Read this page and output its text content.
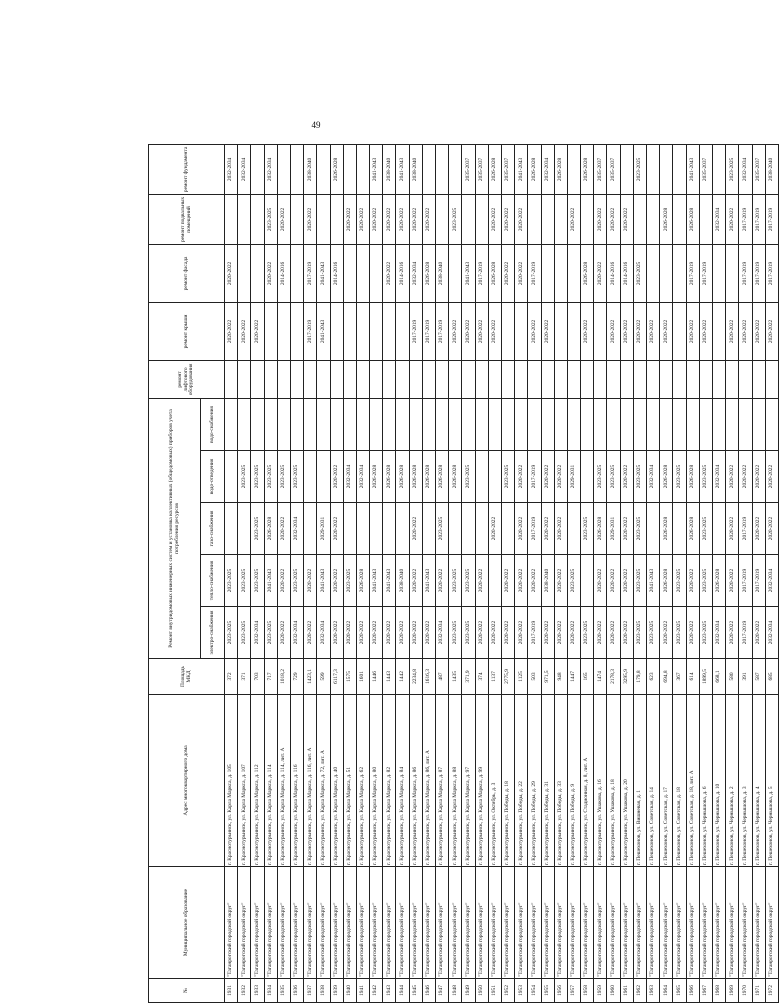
49
№	Муниципальное образование	Адрес многоквартирного дома	Площадь МКД	Ремонт внутридомовых инженерных систем и установка коллективных (общедомовых) приборов учета потребления ресурсов					ремонт лифтового оборудования	ремонт крыши	ремонт фасада	ремонт подвальных помещений	ремонт фундамента
				электро-снабжения	тепло-снабжения	газо-снабжения	водо-отведения	водо-снабжения					
1931	"Таганрогский городской округ"	г. Краснотурьинск, ул. Карла Маркса, д. 105	372	2023-2025	2023-2025					2020-2022	2020-2022		2032-2034
1932	"Таганрогский городской округ"	г. Краснотурьинск, ул. Карла Маркса, д. 107	371	2023-2025	2023-2025		2023-2025			2020-2022			2032-2034
1933	"Таганрогский городской округ"	г. Краснотурьинск, ул. Карла Маркса, д. 112	703	2032-2034	2023-2025	2023-2025	2023-2025			2020-2022			
1934	"Таганрогский городской округ"	г. Краснотурьинск, ул. Карла Маркса, д. 114	717	2023-2025	2041-2043	2026-2028	2023-2025				2020-2022	2023-2025	2032-2034
1935	"Таганрогский городской округ"	г. Краснотурьинск, ул. Карла Маркса, д. 114, лит. А	1018,2	2020-2022	2020-2022	2020-2022	2023-2025				2014-2016	2020-2022	
1936	"Таганрогский городской округ"	г. Краснотурьинск, ул. Карла Маркса, д. 116	729	2032-2034	2023-2025	2032-2034	2023-2025						
1937	"Таганрогский городской округ"	г. Краснотурьинск, ул. Карла Маркса, д. 116, лит. А	1423,1	2020-2022	2020-2022					2017-2019	2017-2019	2020-2022	2038-2040
1938	"Таганрогский городской округ"	г. Краснотурьинск, ул. Карла Маркса, д. 72, лит. А	599	2032-2034	2041-2043	2029-2031				2041-2043	2041-2043		
1939	"Таганрогский городской округ"	г. Краснотурьинск, ул. Карла Маркса, д. 40	6117,3	2020-2022	2020-2022	2020-2022	2020-2022				2014-2016		2026-2028
1940	"Таганрогский городской округ"	г. Краснотурьинск, ул. Карла Маркса, д. 51	1575	2020-2022	2023-2025		2032-2034					2020-2022	
1941	"Таганрогский городской округ"	г. Краснотурьинск, ул. Карла Маркса, д. 62	1601	2020-2022	2026-2028		2032-2034					2020-2022	
1942	"Таганрогский городской округ"	г. Краснотурьинск, ул. Карла Маркса, д. 80	1446	2020-2022	2041-2043		2026-2028					2020-2022	2041-2043
1943	"Таганрогский городской округ"	г. Краснотурьинск, ул. Карла Маркса, д. 82	1443	2020-2022	2041-2043		2026-2028				2020-2022	2020-2022	2038-2040
1944	"Таганрогский городской округ"	г. Краснотурьинск, ул. Карла Маркса, д. 84	1442	2020-2022	2038-2040		2026-2028				2014-2016	2020-2022	2041-2043
1945	"Таганрогский городской округ"	г. Краснотурьинск, ул. Карла Маркса, д. 86	2234,8	2020-2022	2020-2022	2020-2022	2026-2028			2017-2019	2032-2034	2020-2022	2038-2040
1946	"Таганрогский городской округ"	г. Краснотурьинск, ул. Карла Маркса, д. 86, лит. А	1616,3	2020-2022	2041-2043		2026-2028			2017-2019	2026-2028	2020-2022	
1947	"Таганрогский городской округ"	г. Краснотурьинск, ул. Карла Маркса, д. 87	487	2032-2034	2020-2022	2023-2025	2026-2028			2017-2019	2038-2040		
1948	"Таганрогский городской округ"	г. Краснотурьинск, ул. Карла Маркса, д. 88	1435	2023-2025	2023-2025		2026-2028			2020-2022		2023-2025	
1949	"Таганрогский городской округ"	г. Краснотурьинск, ул. Карла Маркса, д. 97	371,9	2023-2025	2023-2025		2023-2025			2020-2022	2041-2043		2035-2037
1950	"Таганрогский городской округ"	г. Краснотурьинск, ул. Карла Маркса, д. 99	374	2020-2022	2020-2022					2020-2022	2017-2019		2035-2037
1951	"Таганрогский городской округ"	г. Краснотурьинск, ул. Октябрь, д. 3	1137	2020-2022		2020-2022				2020-2022	2026-2028	2020-2022	2026-2028
1952	"Таганрогский городской округ"	г. Краснотурьинск, ул. Победы, д. 18	2775,9	2020-2022	2020-2022		2023-2025				2020-2022	2020-2022	2035-2037
1953	"Таганрогский городской округ"	г. Краснотурьинск, ул. Победы, д. 22	1125	2020-2022	2020-2022	2020-2022	2020-2022				2020-2022	2020-2022	2041-2043
1954	"Таганрогский городской округ"	г. Краснотурьинск, ул. Победы, д. 29	503	2017-2019	2020-2022	2017-2019	2017-2019			2020-2022	2017-2019		2026-2028
1955	"Таганрогский городской округ"	г. Краснотурьинск, ул. Победы, д. 31	971,5	2020-2022	2038-2040	2020-2022	2020-2022			2020-2022			2032-2034
1956	"Таганрогский городской округ"	г. Краснотурьинск, ул. Победы, д. 33	948	2020-2022	2020-2022	2020-2022	2020-2022						2026-2028
1957	"Таганрогский городской округ"	г. Краснотурьинск, ул. Победы, д. 9	1447	2020-2022	2023-2025		2029-2031					2020-2022	
1958	"Таганрогский городской округ"	г. Краснотурьинск, ул. Стадионная, д. 8, лит. А	165	2023-2025		2023-2025				2020-2022	2026-2028		2026-2028
1959	"Таганрогский городской округ"	г. Краснотурьинск, ул. Ушакова, д. 16	1474	2020-2022	2020-2022	2026-2028	2023-2025				2020-2022	2020-2022	2035-2037
1960	"Таганрогский городской округ"	г. Краснотурьинск, ул. Ушакова, д. 18	2178,3	2020-2022	2020-2022	2029-2031	2023-2025			2020-2022	2014-2016	2020-2022	2035-2037
1961	"Таганрогский городской округ"	г. Краснотурьинск, ул. Ушакова, д. 20	3295,9	2020-2022	2020-2022	2020-2022	2020-2022			2020-2022	2014-2016	2020-2022	
1962	"Таганрогский городской округ"	г. Пешехонов, ул. Вишневая, д. 1	179,8	2023-2025	2023-2025	2023-2025	2023-2025			2020-2022	2023-2025		2023-2025
1963	"Таганрогский городской округ"	г. Пешехонов, ул. Советская, д. 14	623	2023-2025	2041-2043		2032-2034			2020-2022			
1964	"Таганрогский городской округ"	г. Пешехонов, ул. Советская, д. 17	694,8	2020-2022	2026-2028	2026-2028	2026-2028			2020-2022		2026-2028	
1965	"Таганрогский городской округ"	г. Пешехонов, ул. Советская, д. 18	367	2023-2025	2023-2025		2023-2025						
1966	"Таганрогский городской округ"	г. Пешехонов, ул. Советская, д. 18, лит. А	614	2020-2022	2020-2022	2026-2028	2026-2028			2020-2022	2017-2019	2026-2028	2041-2043
1967	"Таганрогский городской округ"	г. Пешехонов, ул. Чернышова, д. 6	1899,5	2023-2025	2023-2025	2023-2025	2023-2025			2020-2022	2017-2019		2035-2037
1968	"Таганрогский городской округ"	г. Пешехонов, ул. Чернышова, д. 10	668,1	2032-2034	2026-2028		2032-2034					2032-2034	
1969	"Таганрогский городской округ"	г. Пешехонов, ул. Чернышова, д. 2	580	2020-2022	2020-2022	2020-2022	2020-2022			2020-2022		2020-2022	2023-2025
1970	"Таганрогский городской округ"	г. Пешехонов, ул. Чернышова, д. 3	391	2017-2019	2017-2019	2017-2019	2020-2022			2020-2022	2017-2019	2017-2019	2032-2034
1971	"Таганрогский городской округ"	г. Пешехонов, ул. Чернышова, д. 4	587	2020-2022	2017-2019	2020-2022	2020-2022			2020-2022	2017-2019	2017-2019	2035-2037
1972	"Таганрогский городской округ"	г. Пешехонов, ул. Чернышова, д. 5	685	2032-2034	2032-2034	2020-2022	2020-2022			2020-2022	2017-2019	2017-2019	2038-2040
